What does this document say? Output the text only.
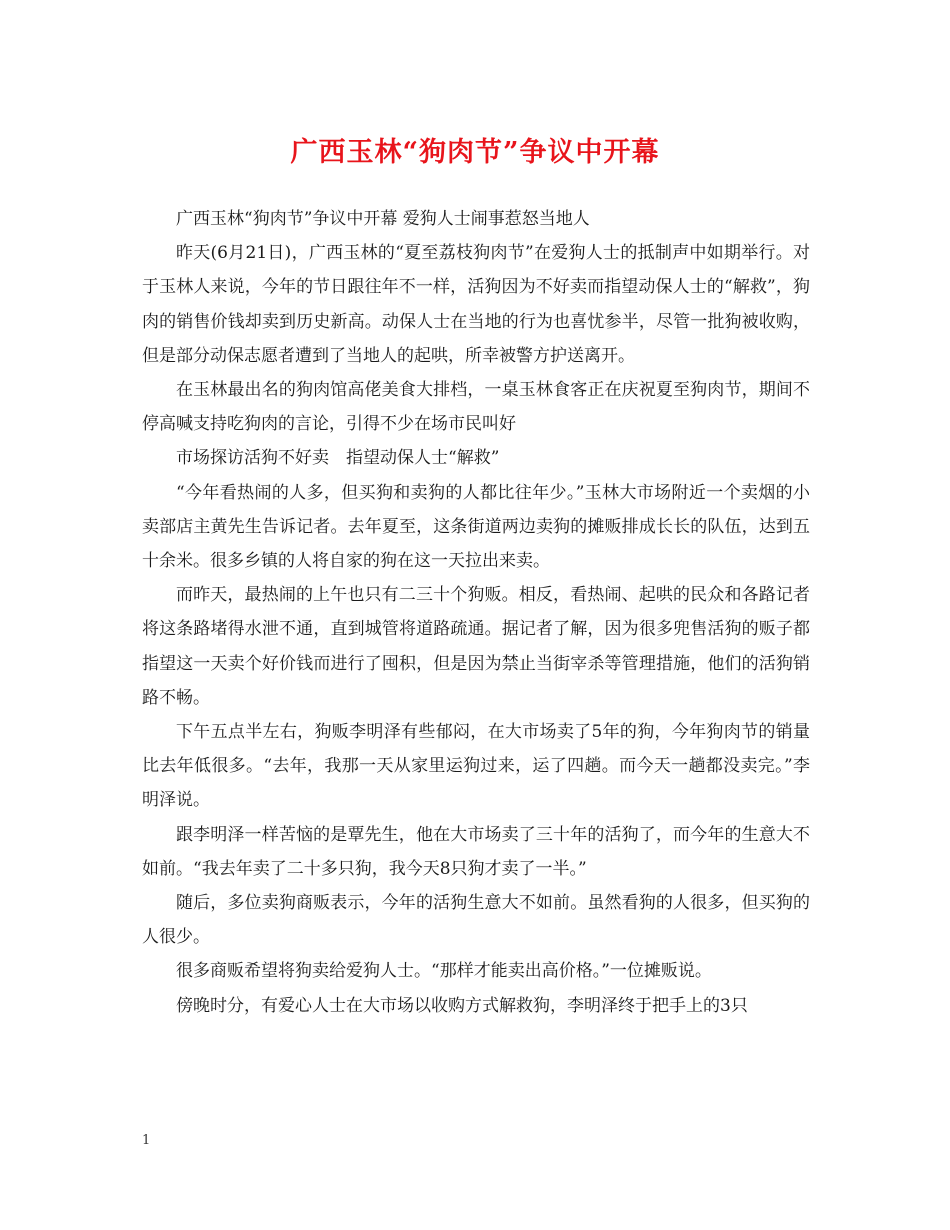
广西玉林“狗肉节”争议中开幕

广西玉林“狗肉节”争议中开幕 爱狗人士闹事惹怒当地人

昨天(6月21日)，广西玉林的“夏至荔枝狗肉节”在爱狗人士的抵制声中如期举行。对于玉林人来说，今年的节日跟往年不一样，活狗因为不好卖而指望动保人士的“解救”，狗肉的销售价钱却卖到历史新高。动保人士在当地的行为也喜忧参半，尽管一批狗被收购，但是部分动保志愿者遭到了当地人的起哄，所幸被警方护送离开。

在玉林最出名的狗肉馆高佬美食大排档，一桌玉林食客正在庆祝夏至狗肉节，期间不停高喊支持吃狗肉的言论，引得不少在场市民叫好

市场探访活狗不好卖　指望动保人士“解救”

“今年看热闹的人多，但买狗和卖狗的人都比往年少。”玉林大市场附近一个卖烟的小卖部店主黄先生告诉记者。去年夏至，这条街道两边卖狗的摊贩排成长长的队伍，达到五十余米。很多乡镇的人将自家的狗在这一天拉出来卖。

而昨天，最热闹的上午也只有二三十个狗贩。相反，看热闹、起哄的民众和各路记者将这条路堵得水泄不通，直到城管将道路疏通。据记者了解，因为很多兜售活狗的贩子都指望这一天卖个好价钱而进行了囤积，但是因为禁止当街宰杀等管理措施，他们的活狗销路不畅。

下午五点半左右，狗贩李明泽有些郁闷，在大市场卖了5年的狗，今年狗肉节的销量比去年低很多。“去年，我那一天从家里运狗过来，运了四趟。而今天一趟都没卖完。”李明泽说。

跟李明泽一样苦恼的是覃先生，他在大市场卖了三十年的活狗了，而今年的生意大不如前。“我去年卖了二十多只狗，我今天8只狗才卖了一半。”

随后，多位卖狗商贩表示，今年的活狗生意大不如前。虽然看狗的人很多，但买狗的人很少。

很多商贩希望将狗卖给爱狗人士。“那样才能卖出高价格。”一位摊贩说。

傍晚时分，有爱心人士在大市场以收购方式解救狗，李明泽终于把手上的3只

1
